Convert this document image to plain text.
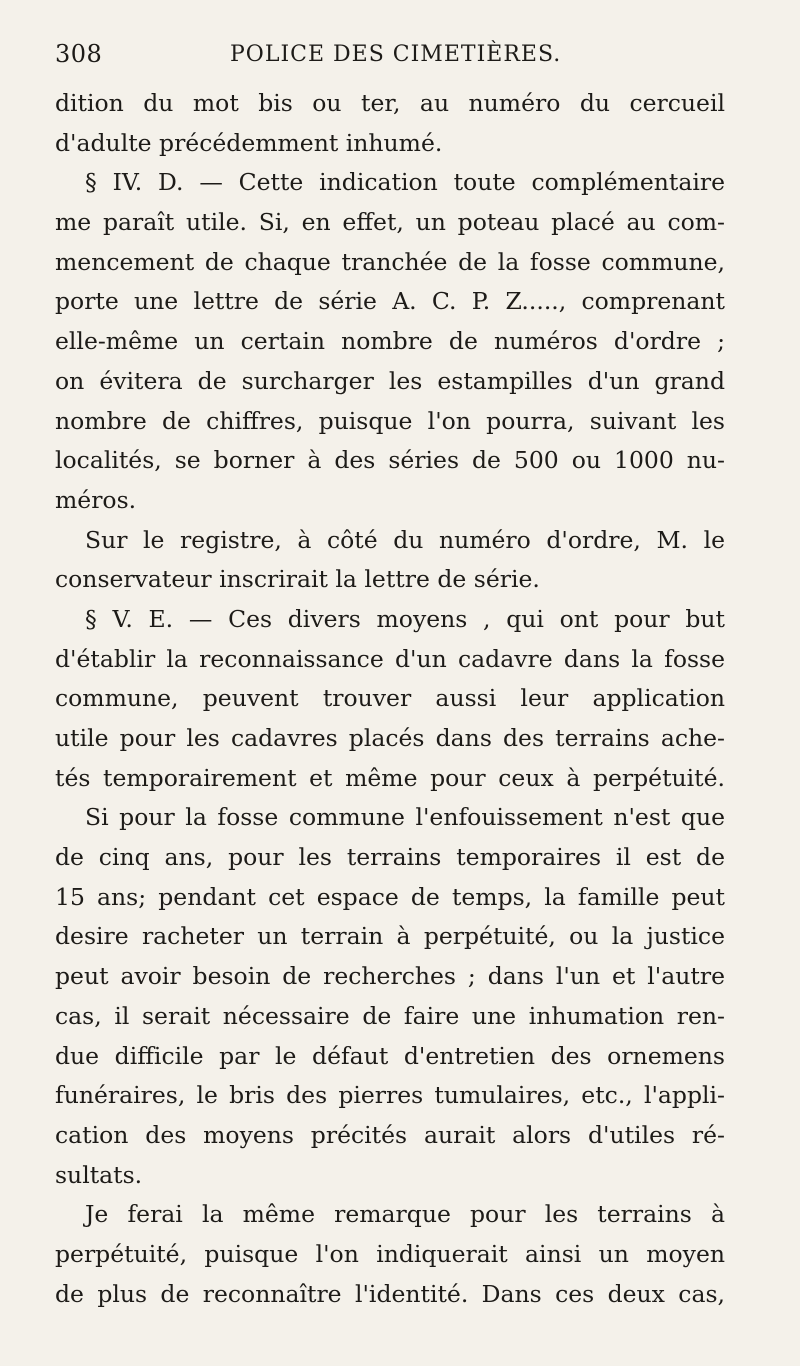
308	POLICE DES CIMETIÈRES.
dition du mot bis ou ter, au numéro du cercueil
d'adulte précédemment inhumé.
§ IV. D. — Cette indication toute complémentaire
me paraît utile. Si, en effet, un poteau placé au com-
mencement de chaque tranchée de la fosse commune,
porte une lettre de série A. C. P. Z....., comprenant
elle-même un certain nombre de numéros d'ordre ;
on évitera de surcharger les estampilles d'un grand
nombre de chiffres, puisque l'on pourra, suivant les
localités, se borner à des séries de 500 ou 1000 nu-
méros.
Sur le registre, à côté du numéro d'ordre, M. le
conservateur inscrirait la lettre de série.
§ V. E. — Ces divers moyens , qui ont pour but
d'établir la reconnaissance d'un cadavre dans la fosse
commune, peuvent trouver aussi leur application
utile pour les cadavres placés dans des terrains ache-
tés temporairement et même pour ceux à perpétuité.
Si pour la fosse commune l'enfouissement n'est que
de cinq ans, pour les terrains temporaires il est de
15 ans; pendant cet espace de temps, la famille peut
desire racheter un terrain à perpétuité, ou la justice
peut avoir besoin de recherches ; dans l'un et l'autre
cas, il serait nécessaire de faire une inhumation ren-
due difficile par le défaut d'entretien des ornemens
funéraires, le bris des pierres tumulaires, etc., l'appli-
cation des moyens précités aurait alors d'utiles ré-
sultats.
Je ferai la même remarque pour les terrains à
perpétuité, puisque l'on indiquerait ainsi un moyen
de plus de reconnaître l'identité. Dans ces deux cas,
